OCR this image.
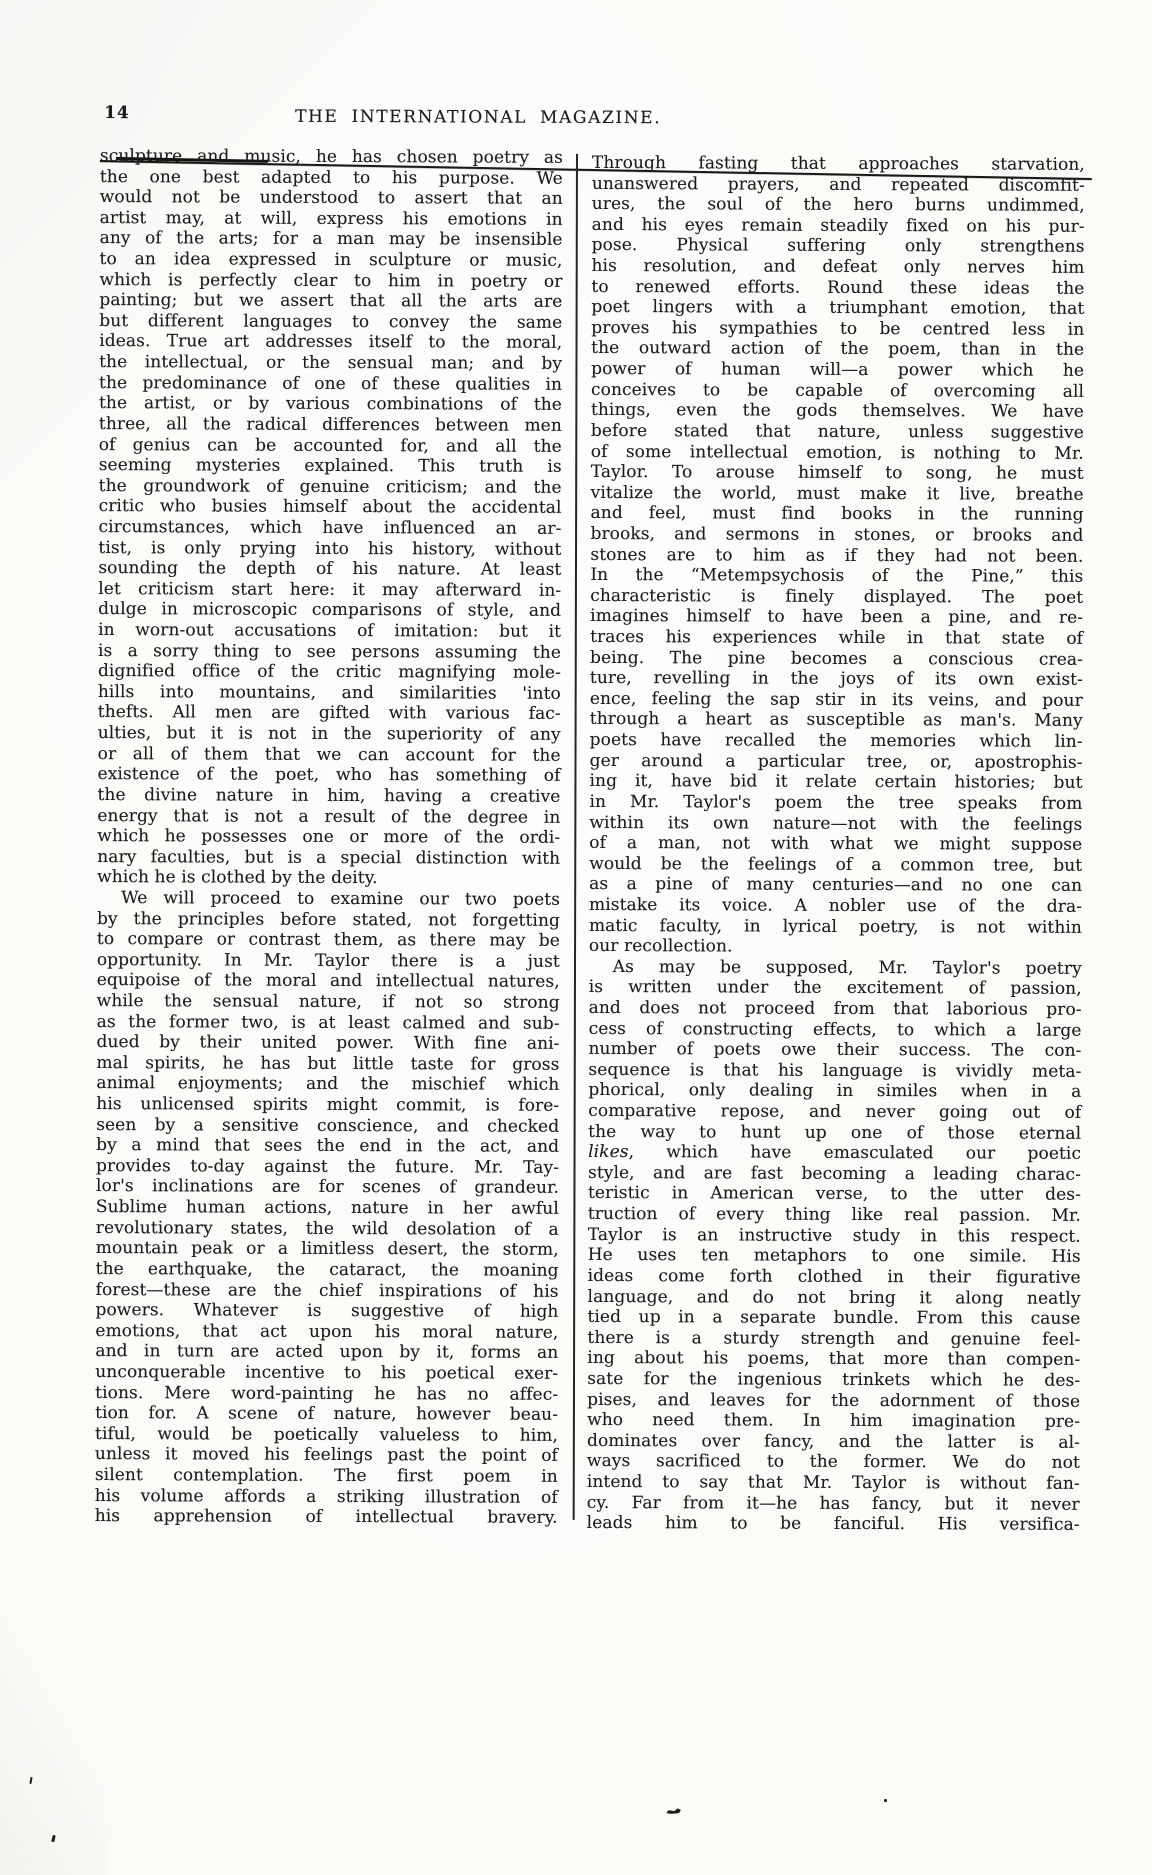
14	THE INTERNATIONAL MAGAZINE.
sculpture and music, he has chosen poetry as
the one best adapted to his purpose. We
would not be understood to assert that an
artist may, at will, express his emotions in
any of the arts; for a man may be insensible
to an idea expressed in sculpture or music,
which is perfectly clear to him in poetry or
painting; but we assert that all the arts are
but different languages to convey the same
ideas. True art addresses itself to the moral,
the intellectual, or the sensual man; and by
the predominance of one of these qualities in
the artist, or by various combinations of the
three, all the radical differences between men
of genius can be accounted for, and all the
seeming mysteries explained. This truth is
the groundwork of genuine criticism; and the
critic who busies himself about the accidental
circumstances, which have influenced an ar-
tist, is only prying into his history, without
sounding the depth of his nature. At least
let criticism start here: it may afterward in-
dulge in microscopic comparisons of style, and
in worn-out accusations of imitation: but it
is a sorry thing to see persons assuming the
dignified office of the critic magnifying mole-
hills into mountains, and similarities 'into
thefts. All men are gifted with various fac-
ulties, but it is not in the superiority of any
or all of them that we can account for the
existence of the poet, who has something of
the divine nature in him, having a creative
energy that is not a result of the degree in
which he possesses one or more of the ordi-
nary faculties, but is a special distinction with
which he is clothed by the deity.
We will proceed to examine our two poets
by the principles before stated, not forgetting
to compare or contrast them, as there may be
opportunity. In Mr. Taylor there is a just
equipoise of the moral and intellectual natures,
while the sensual nature, if not so strong
as the former two, is at least calmed and sub-
dued by their united power. With fine ani-
mal spirits, he has but little taste for gross
animal enjoyments; and the mischief which
his unlicensed spirits might commit, is fore-
seen by a sensitive conscience, and checked
by a mind that sees the end in the act, and
provides to-day against the future. Mr. Tay-
lor's inclinations are for scenes of grandeur.
Sublime human actions, nature in her awful
revolutionary states, the wild desolation of a
mountain peak or a limitless desert, the storm,
the earthquake, the cataract, the moaning
forest—these are the chief inspirations of his
powers. Whatever is suggestive of high
emotions, that act upon his moral nature,
and in turn are acted upon by it, forms an
unconquerable incentive to his poetical exer-
tions. Mere word-painting he has no affec-
tion for. A scene of nature, however beau-
tiful, would be poetically valueless to him,
unless it moved his feelings past the point of
silent contemplation. The first poem in
his volume affords a striking illustration of
his apprehension of intellectual bravery.
Through fasting that approaches starvation,
unanswered prayers, and repeated discomfit-
ures, the soul of the hero burns undimmed,
and his eyes remain steadily fixed on his pur-
pose. Physical suffering only strengthens
his resolution, and defeat only nerves him
to renewed efforts. Round these ideas the
poet lingers with a triumphant emotion, that
proves his sympathies to be centred less in
the outward action of the poem, than in the
power of human will—a power which he
conceives to be capable of overcoming all
things, even the gods themselves. We have
before stated that nature, unless suggestive
of some intellectual emotion, is nothing to Mr.
Taylor. To arouse himself to song, he must
vitalize the world, must make it live, breathe
and feel, must find books in the running
brooks, and sermons in stones, or brooks and
stones are to him as if they had not been.
In the “Metempsychosis of the Pine,” this
characteristic is finely displayed. The poet
imagines himself to have been a pine, and re-
traces his experiences while in that state of
being. The pine becomes a conscious crea-
ture, revelling in the joys of its own exist-
ence, feeling the sap stir in its veins, and pour
through a heart as susceptible as man's. Many
poets have recalled the memories which lin-
ger around a particular tree, or, apostrophis-
ing it, have bid it relate certain histories; but
in Mr. Taylor's poem the tree speaks from
within its own nature—not with the feelings
of a man, not with what we might suppose
would be the feelings of a common tree, but
as a pine of many centuries—and no one can
mistake its voice. A nobler use of the dra-
matic faculty, in lyrical poetry, is not within
our recollection.
As may be supposed, Mr. Taylor's poetry
is written under the excitement of passion,
and does not proceed from that laborious pro-
cess of constructing effects, to which a large
number of poets owe their success. The con-
sequence is that his language is vividly meta-
phorical, only dealing in similes when in a
comparative repose, and never going out of
the way to hunt up one of those eternal
likes, which have emasculated our poetic
style, and are fast becoming a leading charac-
teristic in American verse, to the utter des-
truction of every thing like real passion. Mr.
Taylor is an instructive study in this respect.
He uses ten metaphors to one simile. His
ideas come forth clothed in their figurative
language, and do not bring it along neatly
tied up in a separate bundle. From this cause
there is a sturdy strength and genuine feel-
ing about his poems, that more than compen-
sate for the ingenious trinkets which he des-
pises, and leaves for the adornment of those
who need them. In him imagination pre-
dominates over fancy, and the latter is al-
ways sacrificed to the former. We do not
intend to say that Mr. Taylor is without fan-
cy. Far from it—he has fancy, but it never
leads him to be fanciful. His versifica-
